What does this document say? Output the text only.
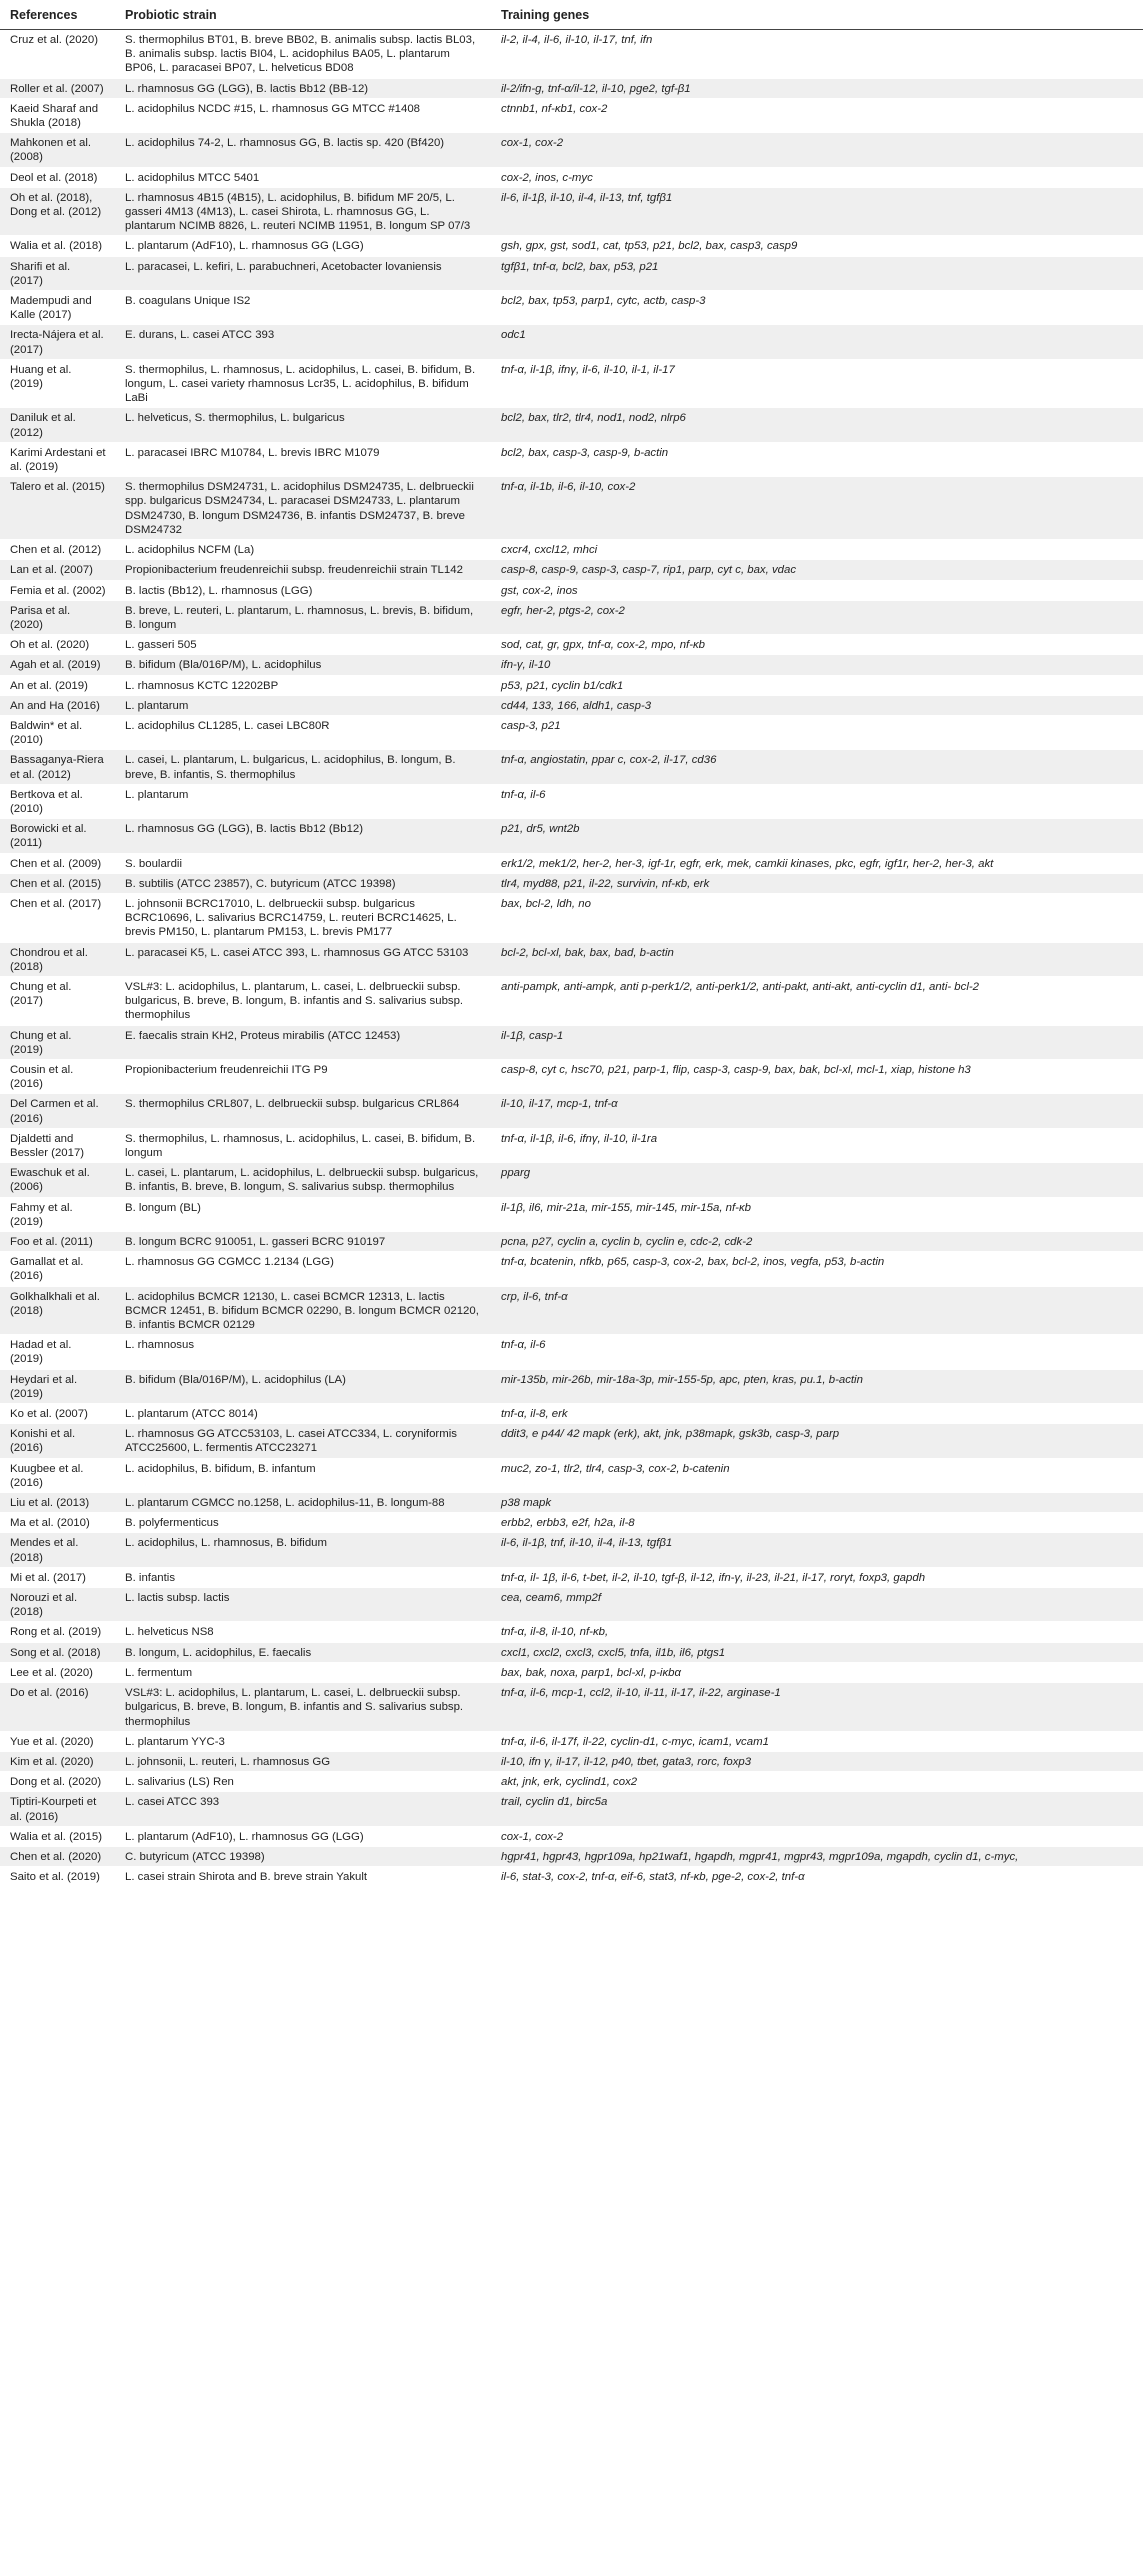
References	Probiotic strain	Training genes
Cruz et al. (2020)	S. thermophilus BT01, B. breve BB02, B. animalis subsp. lactis BL03, B. animalis subsp. lactis BI04, L. acidophilus BA05, L. plantarum BP06, L. paracasei BP07, L. helveticus BD08	il-2, il-4, il-6, il-10, il-17, tnf, ifn
Roller et al. (2007)	L. rhamnosus GG (LGG), B. lactis Bb12 (BB-12)	il-2/ifn-g, tnf-α/il-12, il-10, pge2, tgf-β1
Kaeid Sharaf and Shukla (2018)	L. acidophilus NCDC #15, L. rhamnosus GG MTCC #1408	ctnnb1, nf-κb1, cox-2
Mahkonen et al. (2008)	L. acidophilus 74-2, L. rhamnosus GG, B. lactis sp. 420 (Bf420)	cox-1, cox-2
Deol et al. (2018)	L. acidophilus MTCC 5401	cox-2, inos, c-myc
Oh et al. (2018), Dong et al. (2012)	L. rhamnosus 4B15 (4B15), L. acidophilus, B. bifidum MF 20/5, L. gasseri 4M13 (4M13), L. casei Shirota, L. rhamnosus GG, L. plantarum NCIMB 8826, L. reuteri NCIMB 11951, B. longum SP 07/3	il-6, il-1β, il-10, il-4, il-13, tnf, tgfβ1
Walia et al. (2018)	L. plantarum (AdF10), L. rhamnosus GG (LGG)	gsh, gpx, gst, sod1, cat, tp53, p21, bcl2, bax, casp3, casp9
Sharifi et al. (2017)	L. paracasei, L. kefiri, L. parabuchneri, Acetobacter lovaniensis	tgfβ1, tnf-α, bcl2, bax, p53, p21
Madempudi and Kalle (2017)	B. coagulans Unique IS2	bcl2, bax, tp53, parp1, cytc, actb, casp-3
Irecta-Nájera et al. (2017)	E. durans, L. casei ATCC 393	odc1
Huang et al. (2019)	S. thermophilus, L. rhamnosus, L. acidophilus, L. casei, B. bifidum, B. longum, L. casei variety rhamnosus Lcr35, L. acidophilus, B. bifidum LaBi	tnf-α, il-1β, ifnγ, il-6, il-10, il-1, il-17
Daniluk et al. (2012)	L. helveticus, S. thermophilus, L. bulgaricus	bcl2, bax, tlr2, tlr4, nod1, nod2, nlrp6
Karimi Ardestani et al. (2019)	L. paracasei IBRC M10784, L. brevis IBRC M1079	bcl2, bax, casp-3, casp-9, b-actin
Talero et al. (2015)	S. thermophilus DSM24731, L. acidophilus DSM24735, L. delbrueckii spp. bulgaricus DSM24734, L. paracasei DSM24733, L. plantarum DSM24730, B. longum DSM24736, B. infantis DSM24737, B. breve DSM24732	tnf-α, il-1b, il-6, il-10, cox-2
Chen et al. (2012)	L. acidophilus NCFM (La)	cxcr4, cxcl12, mhci
Lan et al. (2007)	Propionibacterium freudenreichii subsp. freudenreichii strain TL142	casp-8, casp-9, casp-3, casp-7, rip1, parp, cyt c, bax, vdac
Femia et al. (2002)	B. lactis (Bb12), L. rhamnosus (LGG)	gst, cox-2, inos
Parisa et al. (2020)	B. breve, L. reuteri, L. plantarum, L. rhamnosus, L. brevis, B. bifidum, B. longum	egfr, her-2, ptgs-2, cox-2
Oh et al. (2020)	L. gasseri 505	sod, cat, gr, gpx, tnf-α, cox-2, mpo, nf-κb
Agah et al. (2019)	B. bifidum (Bla/016P/M), L. acidophilus	ifn-γ, il-10
An et al. (2019)	L. rhamnosus KCTC 12202BP	p53, p21, cyclin b1/cdk1
An and Ha (2016)	L. plantarum	cd44, 133, 166, aldh1, casp-3
Baldwin* et al. (2010)	L. acidophilus CL1285, L. casei LBC80R	casp-3, p21
Bassaganya-Riera et al. (2012)	L. casei, L. plantarum, L. bulgaricus, L. acidophilus, B. longum, B. breve, B. infantis, S. thermophilus	tnf-α, angiostatin, ppar c, cox-2, il-17, cd36
Bertkova et al. (2010)	L. plantarum	tnf-α, il-6
Borowicki et al. (2011)	L. rhamnosus GG (LGG), B. lactis Bb12 (Bb12)	p21, dr5, wnt2b
Chen et al. (2009)	S. boulardii	erk1/2, mek1/2, her-2, her-3, igf-1r, egfr, erk, mek, camkii kinases, pkc, egfr, igf1r, her-2, her-3, akt
Chen et al. (2015)	B. subtilis (ATCC 23857), C. butyricum (ATCC 19398)	tlr4, myd88, p21, il-22, survivin, nf-κb, erk
Chen et al. (2017)	L. johnsonii BCRC17010, L. delbrueckii subsp. bulgaricus BCRC10696, L. salivarius BCRC14759, L. reuteri BCRC14625, L. brevis PM150, L. plantarum PM153, L. brevis PM177	bax, bcl-2, ldh, no
Chondrou et al. (2018)	L. paracasei K5, L. casei ATCC 393, L. rhamnosus GG ATCC 53103	bcl-2, bcl-xl, bak, bax, bad, b-actin
Chung et al. (2017)	VSL#3: L. acidophilus, L. plantarum, L. casei, L. delbrueckii subsp. bulgaricus, B. breve, B. longum, B. infantis and S. salivarius subsp. thermophilus	anti-pampk, anti-ampk, anti p-perk1/2, anti-perk1/2, anti-pakt, anti-akt, anti-cyclin d1, anti- bcl-2
Chung et al. (2019)	E. faecalis strain KH2, Proteus mirabilis (ATCC 12453)	il-1β, casp-1
Cousin et al. (2016)	Propionibacterium freudenreichii ITG P9	casp-8, cyt c, hsc70, p21, parp-1, flip, casp-3, casp-9, bax, bak, bcl-xl, mcl-1, xiap, histone h3
Del Carmen et al. (2016)	S. thermophilus CRL807, L. delbrueckii subsp. bulgaricus CRL864	il-10, il-17, mcp-1, tnf-α
Djaldetti and Bessler (2017)	S. thermophilus, L. rhamnosus, L. acidophilus, L. casei, B. bifidum, B. longum	tnf-α, il-1β, il-6, ifnγ, il-10, il-1ra
Ewaschuk et al. (2006)	L. casei, L. plantarum, L. acidophilus, L. delbrueckii subsp. bulgaricus, B. infantis, B. breve, B. longum, S. salivarius subsp. thermophilus	pparg
Fahmy et al. (2019)	B. longum (BL)	il-1β, il6, mir-21a, mir-155, mir-145, mir-15a, nf-κb
Foo et al. (2011)	B. longum BCRC 910051, L. gasseri BCRC 910197	pcna, p27, cyclin a, cyclin b, cyclin e, cdc-2, cdk-2
Gamallat et al. (2016)	L. rhamnosus GG CGMCC 1.2134 (LGG)	tnf-α, bcatenin, nfkb, p65, casp-3, cox-2, bax, bcl-2, inos, vegfa, p53, b-actin
Golkhalkhali et al. (2018)	L. acidophilus BCMCR 12130, L. casei BCMCR 12313, L. lactis BCMCR 12451, B. bifidum BCMCR 02290, B. longum BCMCR 02120, B. infantis BCMCR 02129	crp, il-6, tnf-α
Hadad et al. (2019)	L. rhamnosus	tnf-α, il-6
Heydari et al. (2019)	B. bifidum (Bla/016P/M), L. acidophilus (LA)	mir-135b, mir-26b, mir-18a-3p, mir-155-5p, apc, pten, kras, pu.1, b-actin
Ko et al. (2007)	L. plantarum (ATCC 8014)	tnf-α, il-8, erk
Konishi et al. (2016)	L. rhamnosus GG ATCC53103, L. casei ATCC334, L. coryniformis ATCC25600, L. fermentis ATCC23271	ddit3, e p44/ 42 mapk (erk), akt, jnk, p38mapk, gsk3b, casp-3, parp
Kuugbee et al. (2016)	L. acidophilus, B. bifidum, B. infantum	muc2, zo-1, tlr2, tlr4, casp-3, cox-2, b-catenin
Liu et al. (2013)	L. plantarum CGMCC no.1258, L. acidophilus-11, B. longum-88	p38 mapk
Ma et al. (2010)	B. polyfermenticus	erbb2, erbb3, e2f, h2a, il-8
Mendes et al. (2018)	L. acidophilus, L. rhamnosus, B. bifidum	il-6, il-1β, tnf, il-10, il-4, il-13, tgfβ1
Mi et al. (2017)	B. infantis	tnf-α, il- 1β, il-6, t-bet, il-2, il-10, tgf-β, il-12, ifn-γ, il-23, il-21, il-17, rorγt, foxp3, gapdh
Norouzi et al. (2018)	L. lactis subsp. lactis	cea, ceam6, mmp2f
Rong et al. (2019)	L. helveticus NS8	tnf-α, il-8, il-10, nf-κb,
Song et al. (2018)	B. longum, L. acidophilus, E. faecalis	cxcl1, cxcl2, cxcl3, cxcl5, tnfa, il1b, il6, ptgs1
Lee et al. (2020)	L. fermentum	bax, bak, noxa, parp1, bcl-xl, p-iκbα
Do et al. (2016)	VSL#3: L. acidophilus, L. plantarum, L. casei, L. delbrueckii subsp. bulgaricus, B. breve, B. longum, B. infantis and S. salivarius subsp. thermophilus	tnf-α, il-6, mcp-1, ccl2, il-10, il-11, il-17, il-22, arginase-1
Yue et al. (2020)	L. plantarum YYC-3	tnf-α, il-6, il-17f, il-22, cyclin-d1, c-myc, icam1, vcam1
Kim et al. (2020)	L. johnsonii, L. reuteri, L. rhamnosus GG	il-10, ifn γ, il-17, il-12, p40, tbet, gata3, rorc, foxp3
Dong et al. (2020)	L. salivarius (LS) Ren	akt, jnk, erk, cyclind1, cox2
Tiptiri-Kourpeti et al. (2016)	L. casei ATCC 393	trail, cyclin d1, birc5a
Walia et al. (2015)	L. plantarum (AdF10), L. rhamnosus GG (LGG)	cox-1, cox-2
Chen et al. (2020)	C. butyricum (ATCC 19398)	hgpr41, hgpr43, hgpr109a, hp21waf1, hgapdh, mgpr41, mgpr43, mgpr109a, mgapdh, cyclin d1, c-myc,
Saito et al. (2019)	L. casei strain Shirota and B. breve strain Yakult	il-6, stat-3, cox-2, tnf-α, eif-6, stat3, nf-κb, pge-2, cox-2, tnf-α
